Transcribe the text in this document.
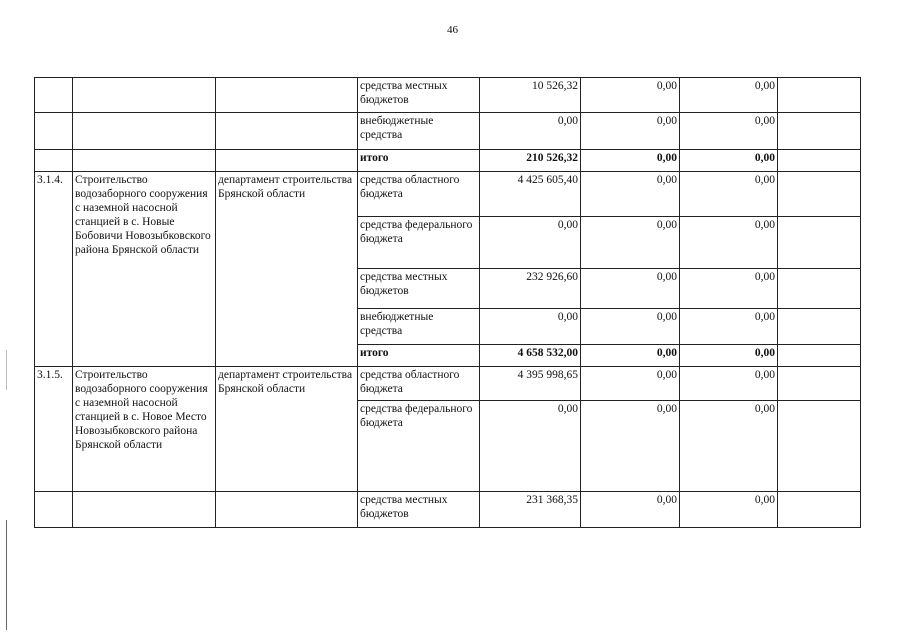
46
			средства местных бюджетов	10 526,32	0,00	0,00	
			внебюджетные средства	0,00	0,00	0,00	
			итого	210 526,32	0,00	0,00	
3.1.4.	Строительство водозаборного сооружения с наземной насосной станцией в с. Новые Бобовичи Новозыбковского района Брянской области	департамент строительства Брянской области	средства областного бюджета	4 425 605,40	0,00	0,00	
			средства федерального бюджета	0,00	0,00	0,00	
			средства местных бюджетов	232 926,60	0,00	0,00	
			внебюджетные средства	0,00	0,00	0,00	
			итого	4 658 532,00	0,00	0,00	
3.1.5.	Строительство водозаборного сооружения с наземной насосной станцией в с. Новое Место Новозыбковского района Брянской области	департамент строительства Брянской области	средства областного бюджета	4 395 998,65	0,00	0,00	
			средства федерального бюджета	0,00	0,00	0,00	
			средства местных бюджетов	231 368,35	0,00	0,00	
